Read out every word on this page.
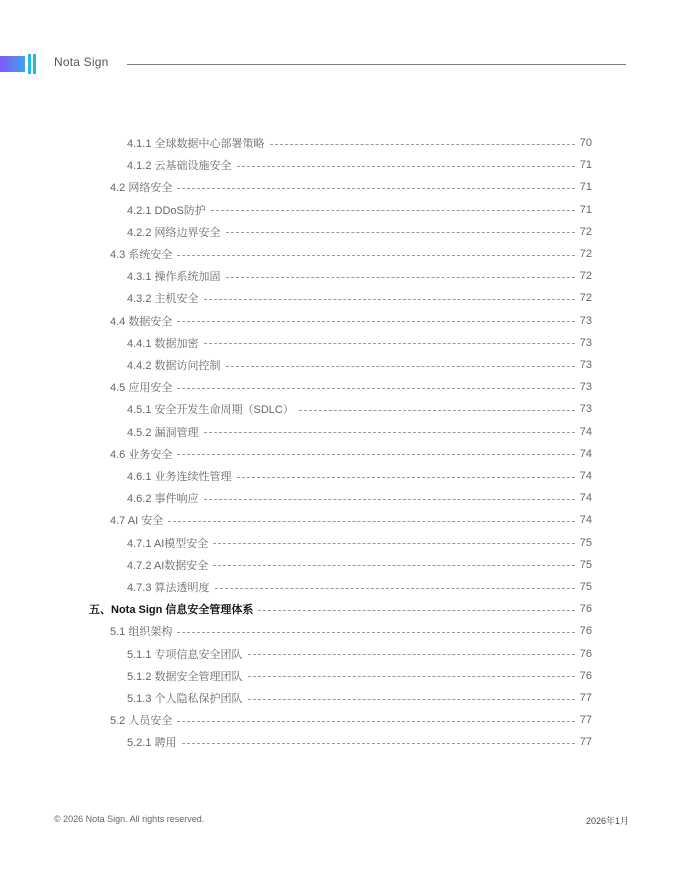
Nota Sign
4.1.1 全球数据中心部署策略	70
4.1.2 云基础设施安全	71
4.2 网络安全	71
4.2.1 DDoS防护	71
4.2.2 网络边界安全	72
4.3 系统安全	72
4.3.1 操作系统加固	72
4.3.2 主机安全	72
4.4 数据安全	73
4.4.1 数据加密	73
4.4.2 数据访问控制	73
4.5 应用安全	73
4.5.1 安全开发生命周期（SDLC）	73
4.5.2 漏洞管理	74
4.6 业务安全	74
4.6.1 业务连续性管理	74
4.6.2 事件响应	74
4.7 AI 安全	74
4.7.1 AI模型安全	75
4.7.2 AI数据安全	75
4.7.3 算法透明度	75
五、Nota Sign 信息安全管理体系	76
5.1 组织架构	76
5.1.1 专项信息安全团队	76
5.1.2 数据安全管理团队	76
5.1.3 个人隐私保护团队	77
5.2 人员安全	77
5.2.1 聘用	77
© 2026 Nota Sign. All rights reserved.	2026年1月
